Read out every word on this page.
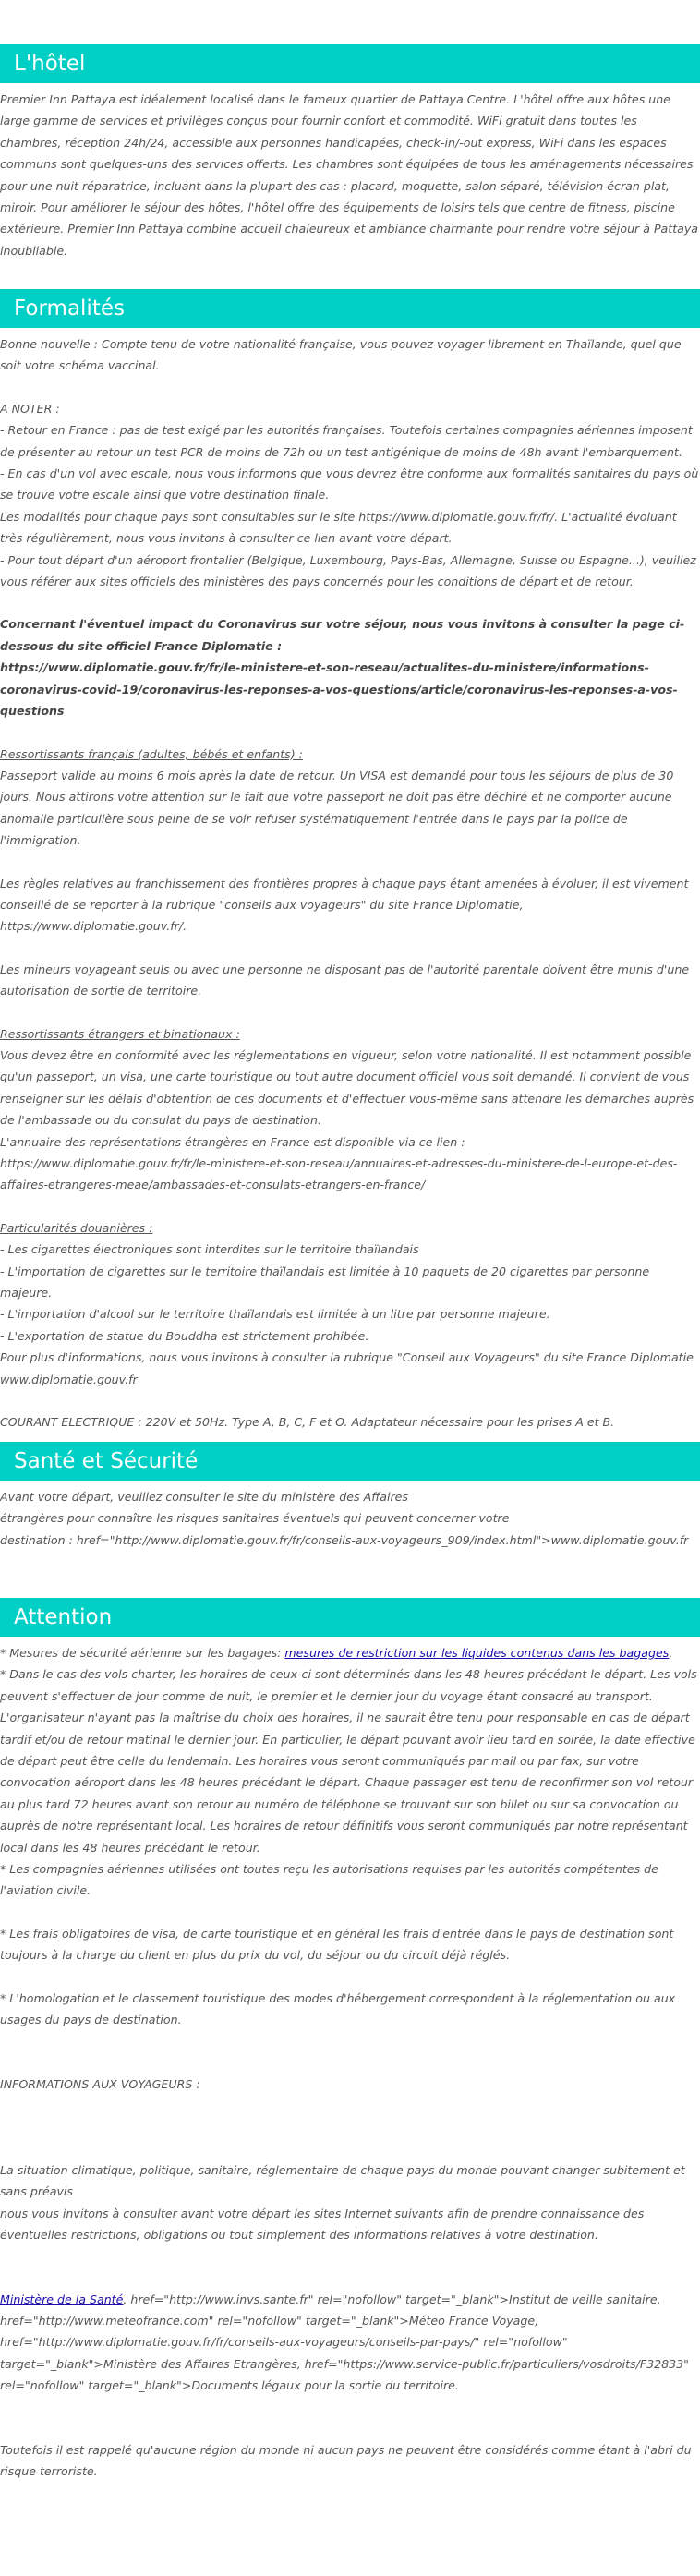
L'hôtel

Premier Inn Pattaya est idéalement localisé dans le fameux quartier de Pattaya Centre. L'hôtel offre aux hôtes une large gamme de services et privilèges conçus pour fournir confort et commodité. WiFi gratuit dans toutes les chambres, réception 24h/24, accessible aux personnes handicapées, check-in/-out express, WiFi dans les espaces communs sont quelques-uns des services offerts. Les chambres sont équipées de tous les aménagements nécessaires pour une nuit réparatrice, incluant dans la plupart des cas : placard, moquette, salon séparé, télévision écran plat, miroir. Pour améliorer le séjour des hôtes, l'hôtel offre des équipements de loisirs tels que centre de fitness, piscine extérieure. Premier Inn Pattaya combine accueil chaleureux et ambiance charmante pour rendre votre séjour à Pattaya inoubliable.

Formalités

Bonne nouvelle : Compte tenu de votre nationalité française, vous pouvez voyager librement en Thaïlande, quel que soit votre schéma vaccinal.

A NOTER :
- Retour en France : pas de test exigé par les autorités françaises. Toutefois certaines compagnies aériennes imposent de présenter au retour un test PCR de moins de 72h ou un test antigénique de moins de 48h avant l'embarquement.
- En cas d'un vol avec escale, nous vous informons que vous devrez être conforme aux formalités sanitaires du pays où se trouve votre escale ainsi que votre destination finale.
Les modalités pour chaque pays sont consultables sur le site https://www.diplomatie.gouv.fr/fr/. L'actualité évoluant très régulièrement, nous vous invitons à consulter ce lien avant votre départ.
- Pour tout départ d'un aéroport frontalier (Belgique, Luxembourg, Pays-Bas, Allemagne, Suisse ou Espagne...), veuillez vous référer aux sites officiels des ministères des pays concernés pour les conditions de départ et de retour.

Concernant l'éventuel impact du Coronavirus sur votre séjour, nous vous invitons à consulter la page ci-dessous du site officiel France Diplomatie :
https://www.diplomatie.gouv.fr/fr/le-ministere-et-son-reseau/actualites-du-ministere/informations-coronavirus-covid-19/coronavirus-les-reponses-a-vos-questions/article/coronavirus-les-reponses-a-vos-questions

Ressortissants français (adultes, bébés et enfants) :

Passeport valide au moins 6 mois après la date de retour. Un VISA est demandé pour tous les séjours de plus de 30 jours. Nous attirons votre attention sur le fait que votre passeport ne doit pas être déchiré et ne comporter aucune anomalie particulière sous peine de se voir refuser systématiquement l'entrée dans le pays par la police de l'immigration.

Les règles relatives au franchissement des frontières propres à chaque pays étant amenées à évoluer, il est vivement conseillé de se reporter à la rubrique "conseils aux voyageurs" du site France Diplomatie, https://www.diplomatie.gouv.fr/.

Les mineurs voyageant seuls ou avec une personne ne disposant pas de l'autorité parentale doivent être munis d'une autorisation de sortie de territoire.

Ressortissants étrangers et binationaux :

Vous devez être en conformité avec les réglementations en vigueur, selon votre nationalité. Il est notamment possible qu'un passeport, un visa, une carte touristique ou tout autre document officiel vous soit demandé. Il convient de vous renseigner sur les délais d'obtention de ces documents et d'effectuer vous-même sans attendre les démarches auprès de l'ambassade ou du consulat du pays de destination.
L'annuaire des représentations étrangères en France est disponible via ce lien :
https://www.diplomatie.gouv.fr/fr/le-ministere-et-son-reseau/annuaires-et-adresses-du-ministere-de-l-europe-et-des-affaires-etrangeres-meae/ambassades-et-consulats-etrangers-en-france/

Particularités douanières :

- Les cigarettes électroniques sont interdites sur le territoire thaïlandais
- L'importation de cigarettes sur le territoire thaïlandais est limitée à 10 paquets de 20 cigarettes par personne majeure.
- L'importation d'alcool sur le territoire thaïlandais est limitée à un litre par personne majeure.
- L'exportation de statue du Bouddha est strictement prohibée.
Pour plus d'informations, nous vous invitons à consulter la rubrique "Conseil aux Voyageurs" du site France Diplomatie www.diplomatie.gouv.fr

COURANT ELECTRIQUE : 220V et 50Hz. Type A, B, C, F et O. Adaptateur nécessaire pour les prises A et B.

Santé et Sécurité

Avant votre départ, veuillez consulter le site du ministère des Affaires
étrangères pour connaître les risques sanitaires éventuels qui peuvent concerner votre
destination : href="http://www.diplomatie.gouv.fr/fr/conseils-aux-voyageurs_909/index.html">www.diplomatie.gouv.fr

Attention

* Mesures de sécurité aérienne sur les bagages: mesures de restriction sur les liquides contenus dans les bagages.

* Dans le cas des vols charter, les horaires de ceux-ci sont déterminés dans les 48 heures précédant le départ. Les vols peuvent s'effectuer de jour comme de nuit, le premier et le dernier jour du voyage étant consacré au transport. L'organisateur n'ayant pas la maîtrise du choix des horaires, il ne saurait être tenu pour responsable en cas de départ tardif et/ou de retour matinal le dernier jour. En particulier, le départ pouvant avoir lieu tard en soirée, la date effective de départ peut être celle du lendemain. Les horaires vous seront communiqués par mail ou par fax, sur votre convocation aéroport dans les 48 heures précédant le départ. Chaque passager est tenu de reconfirmer son vol retour au plus tard 72 heures avant son retour au numéro de téléphone se trouvant sur son billet ou sur sa convocation ou auprès de notre représentant local. Les horaires de retour définitifs vous seront communiqués par notre représentant local dans les 48 heures précédant le retour.

* Les compagnies aériennes utilisées ont toutes reçu les autorisations requises par les autorités compétentes de l'aviation civile.

* Les frais obligatoires de visa, de carte touristique et en général les frais d'entrée dans le pays de destination sont toujours à la charge du client en plus du prix du vol, du séjour ou du circuit déjà réglés.

* L'homologation et le classement touristique des modes d'hébergement correspondent à la réglementation ou aux usages du pays de destination.

INFORMATIONS AUX VOYAGEURS :

La situation climatique, politique, sanitaire, réglementaire de chaque pays du monde pouvant changer subitement et sans préavis
nous vous invitons à consulter avant votre départ les sites Internet suivants afin de prendre connaissance des éventuelles restrictions, obligations ou tout simplement des informations relatives à votre destination.

Ministère de la Santé, href="http://www.invs.sante.fr" rel="nofollow" target="_blank">Institut de veille sanitaire, href="http://www.meteofrance.com" rel="nofollow" target="_blank">Méteo France Voyage, href="http://www.diplomatie.gouv.fr/fr/conseils-aux-voyageurs/conseils-par-pays/" rel="nofollow" target="_blank">Ministère des Affaires Etrangères, href="https://www.service-public.fr/particuliers/vosdroits/F32833" rel="nofollow" target="_blank">Documents légaux pour la sortie du territoire.

Toutefois il est rappelé qu'aucune région du monde ni aucun pays ne peuvent être considérés comme étant à l'abri du risque terroriste.
